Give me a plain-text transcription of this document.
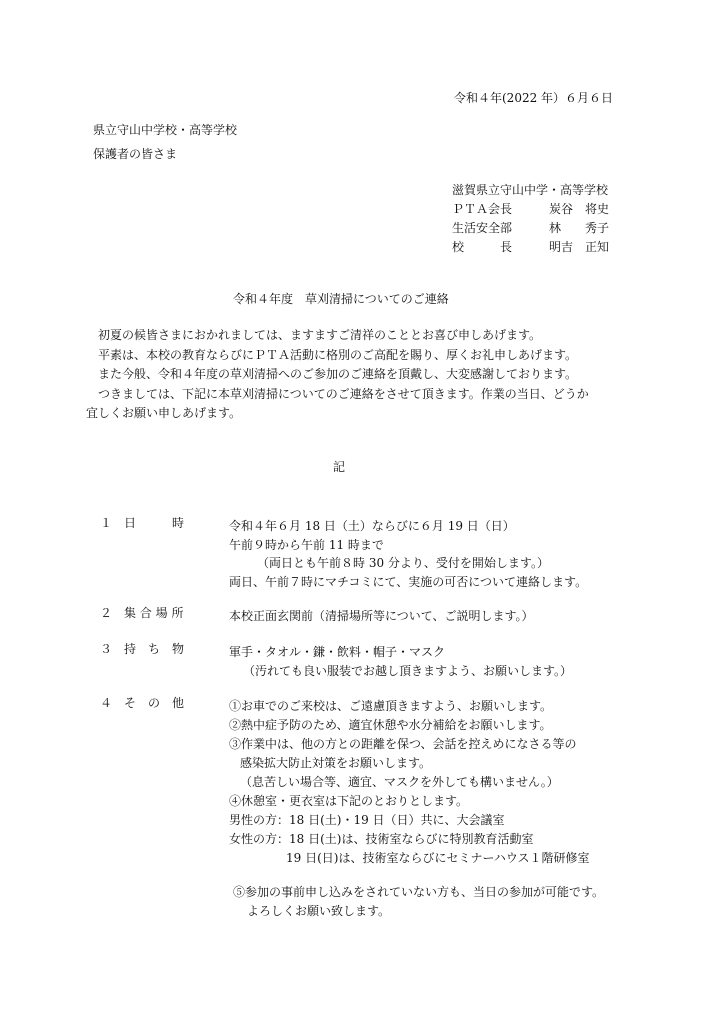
令和４年(2022 年）６月６日
県立守山中学校・高等学校
保護者の皆さま
滋賀県立守山中学・高等学校
ＰＴＡ会長	炭谷　将史
生活安全部	林　　秀子
校　　　長	明吉　正知
令和４年度　草刈清掃についてのご連絡
初夏の候皆さまにおかれましては、ますますご清祥のこととお喜び申しあげます。
平素は、本校の教育ならびにＰＴＡ活動に格別のご高配を賜り、厚くお礼申しあげます。
また今般、令和４年度の草刈清掃へのご参加のご連絡を頂戴し、大変感謝しております。
つきましては、下記に本草刈清掃についてのご連絡をさせて頂きます。作業の当日、どうか
宜しくお願い申しあげます。
記
１　日　　　時	令和４年６月 18 日（土）ならびに６月 19 日（日）
午前９時から午前 11 時まで
（両日とも午前８時 30 分より、受付を開始します。）
両日、午前７時にマチコミにて、実施の可否について連絡します。
２　集 合 場 所	本校正面玄関前（清掃場所等について、ご説明します。）
３　持　ち　物	軍手・タオル・鎌・飲料・帽子・マスク
（汚れても良い服装でお越し頂きますよう、お願いします。）
４　そ　の　他	①お車でのご来校は、ご遠慮頂きますよう、お願いします。
②熱中症予防のため、適宜休憩や水分補給をお願いします。
③作業中は、他の方との距離を保つ、会話を控えめになさる等の
感染拡大防止対策をお願いします。
（息苦しい場合等、適宜、マスクを外しても構いません。）
④休憩室・更衣室は下記のとおりとします。
男性の方：18 日(土)・19 日（日）共に、大会議室
女性の方：18 日(土)は、技術室ならびに特別教育活動室
19 日(日)は、技術室ならびにセミナーハウス１階研修室
⑤参加の事前申し込みをされていない方も、当日の参加が可能です。
よろしくお願い致します。
